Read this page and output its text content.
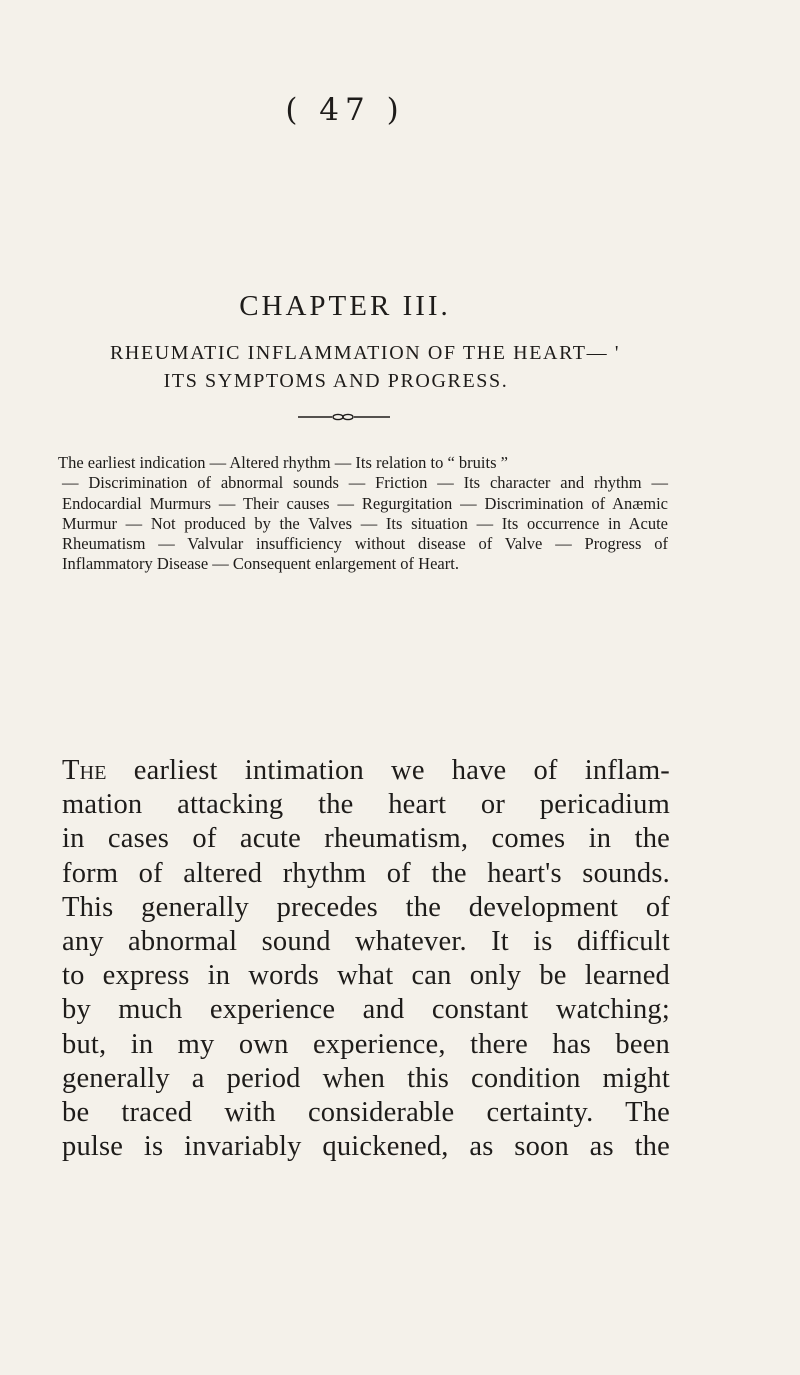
( 47 )
CHAPTER III.
RHEUMATIC INFLAMMATION OF THE HEART— '
ITS SYMPTOMS AND PROGRESS.

The earliest indication — Altered rhythm — Its relation to “ bruits ”
— Discrimination of abnormal sounds — Friction — Its character and rhythm — Endocardial Murmurs — Their causes — Regurgitation — Discrimination of Anæmic Murmur — Not produced by the Valves — Its situation — Its occurrence in Acute Rheumatism — Valvular insufficiency without disease of Valve — Progress of Inflammatory Disease — Consequent enlargement of Heart.

The earliest intimation we have of inflam-
mation attacking the heart or pericadium
in cases of acute rheumatism, comes in the
form of altered rhythm of the heart's sounds.
This generally precedes the development of
any abnormal sound whatever. It is difficult
to express in words what can only be learned
by much experience and constant watching;
but, in my own experience, there has been
generally a period when this condition might
be traced with considerable certainty. The
pulse is invariably quickened, as soon as the
